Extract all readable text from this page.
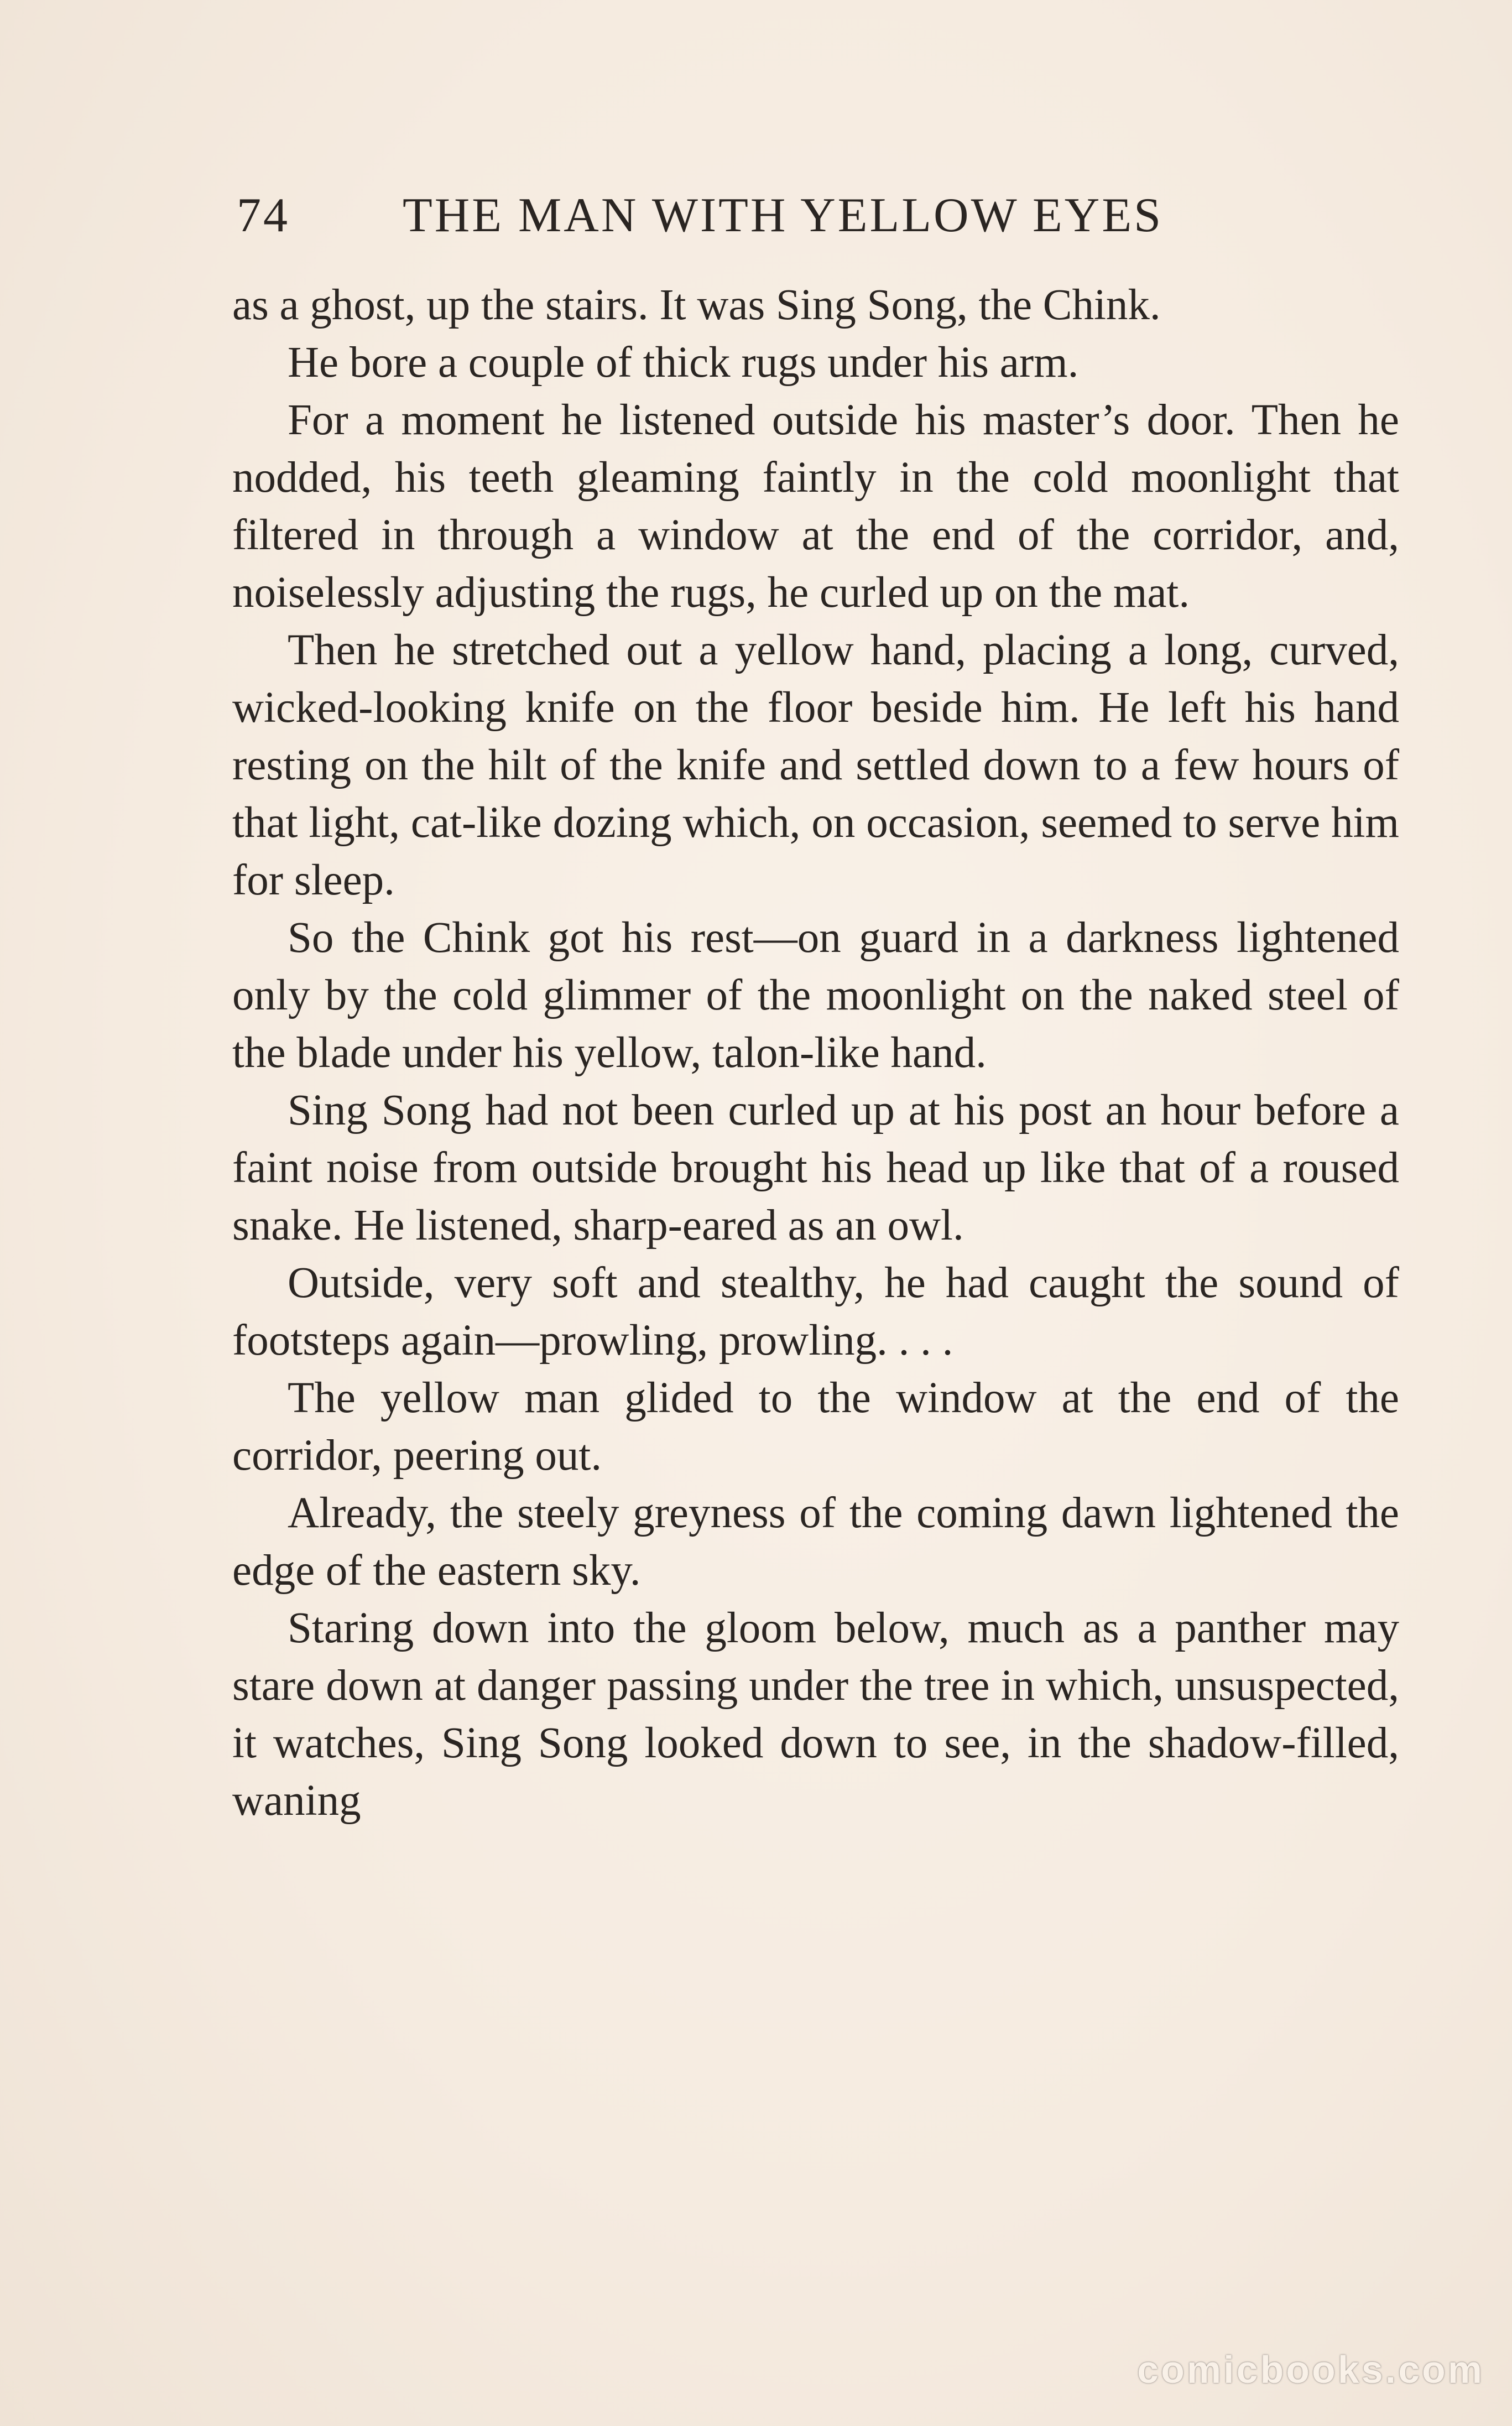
74 THE MAN WITH YELLOW EYES

as a ghost, up the stairs. It was Sing Song, the Chink.

He bore a couple of thick rugs under his arm.

For a moment he listened outside his master’s door. Then he nodded, his teeth gleaming faintly in the cold moonlight that filtered in through a window at the end of the corridor, and, noiselessly adjusting the rugs, he curled up on the mat.

Then he stretched out a yellow hand, placing a long, curved, wicked-looking knife on the floor beside him. He left his hand resting on the hilt of the knife and settled down to a few hours of that light, cat-like dozing which, on occasion, seemed to serve him for sleep.

So the Chink got his rest—on guard in a darkness lightened only by the cold glimmer of the moonlight on the naked steel of the blade under his yellow, talon-like hand.

Sing Song had not been curled up at his post an hour before a faint noise from outside brought his head up like that of a roused snake. He listened, sharp-eared as an owl.

Outside, very soft and stealthy, he had caught the sound of footsteps again—prowling, prowling. . . .

The yellow man glided to the window at the end of the corridor, peering out.

Already, the steely greyness of the coming dawn lightened the edge of the eastern sky.

Staring down into the gloom below, much as a panther may stare down at danger passing under the tree in which, unsuspected, it watches, Sing Song looked down to see, in the shadow-filled, waning

comicbooks.com
